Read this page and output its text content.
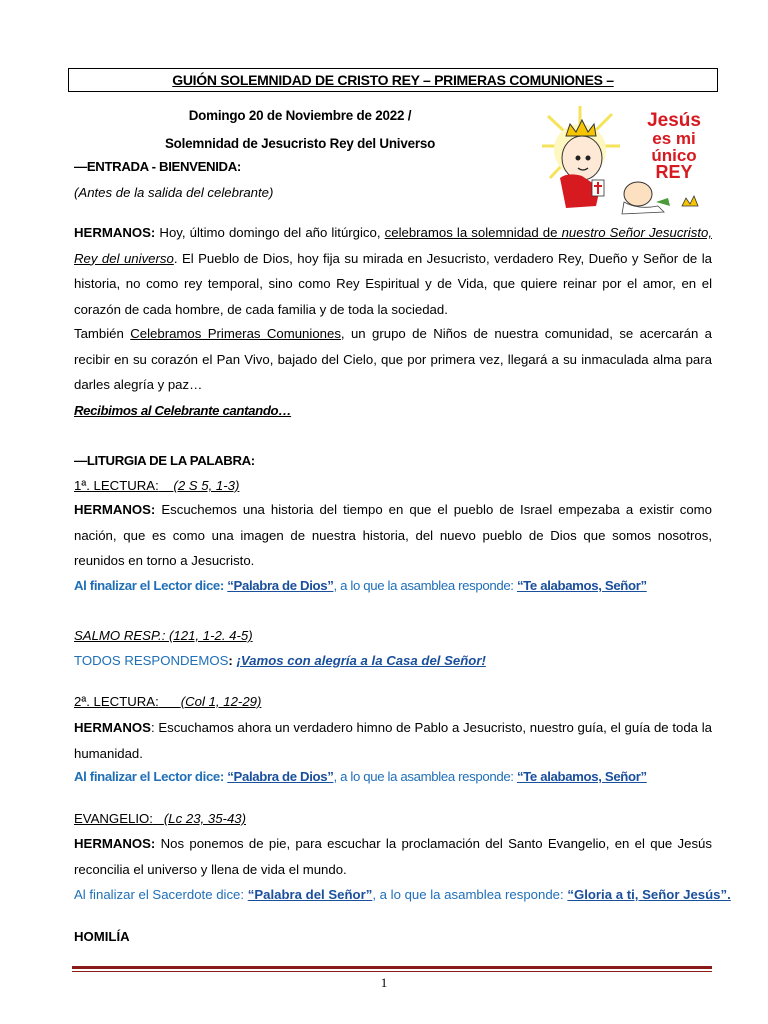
GUIÓN SOLEMNIDAD DE CRISTO REY – PRIMERAS COMUNIONES –
Domingo 20 de Noviembre de 2022 /
Solemnidad de Jesucristo Rey del Universo
Jesús
es mi
único
REY
—ENTRADA - BIENVENIDA:
(Antes de la salida del celebrante)
HERMANOS: Hoy, último domingo del año litúrgico, celebramos la solemnidad de nuestro Señor Jesucristo, Rey del universo. El Pueblo de Dios, hoy fija su mirada en Jesucristo, verdadero Rey, Dueño y Señor de la historia, no como rey temporal, sino como Rey Espiritual y de Vida, que quiere reinar por el amor, en el corazón de cada hombre, de cada familia y de toda la sociedad.
También Celebramos Primeras Comuniones, un grupo de Niños de nuestra comunidad, se acercarán a recibir en su corazón el Pan Vivo, bajado del Cielo, que por primera vez, llegará a su inmaculada alma para darles alegría y paz…
Recibimos al Celebrante cantando…
—LITURGIA DE LA PALABRA:
1ª. LECTURA: (2 S 5, 1-3)
HERMANOS: Escuchemos una historia del tiempo en que el pueblo de Israel empezaba a existir como nación, que es como una imagen de nuestra historia, del nuevo pueblo de Dios que somos nosotros, reunidos en torno a Jesucristo.
Al finalizar el Lector dice: “Palabra de Dios”, a lo que la asamblea responde: “Te alabamos, Señor”
SALMO RESP.: (121, 1-2. 4-5)
TODOS RESPONDEMOS: ¡Vamos con alegría a la Casa del Señor!
2ª. LECTURA: (Col 1, 12-29)
HERMANOS: Escuchamos ahora un verdadero himno de Pablo a Jesucristo, nuestro guía, el guía de toda la humanidad.
Al finalizar el Lector dice: “Palabra de Dios”, a lo que la asamblea responde: “Te alabamos, Señor”
EVANGELIO: (Lc 23, 35-43)
HERMANOS: Nos ponemos de pie, para escuchar la proclamación del Santo Evangelio, en el que Jesús reconcilia el universo y llena de vida el mundo.
Al finalizar el Sacerdote dice: “Palabra del Señor”, a lo que la asamblea responde: “Gloria a ti, Señor Jesús”.
HOMILÍA
1
